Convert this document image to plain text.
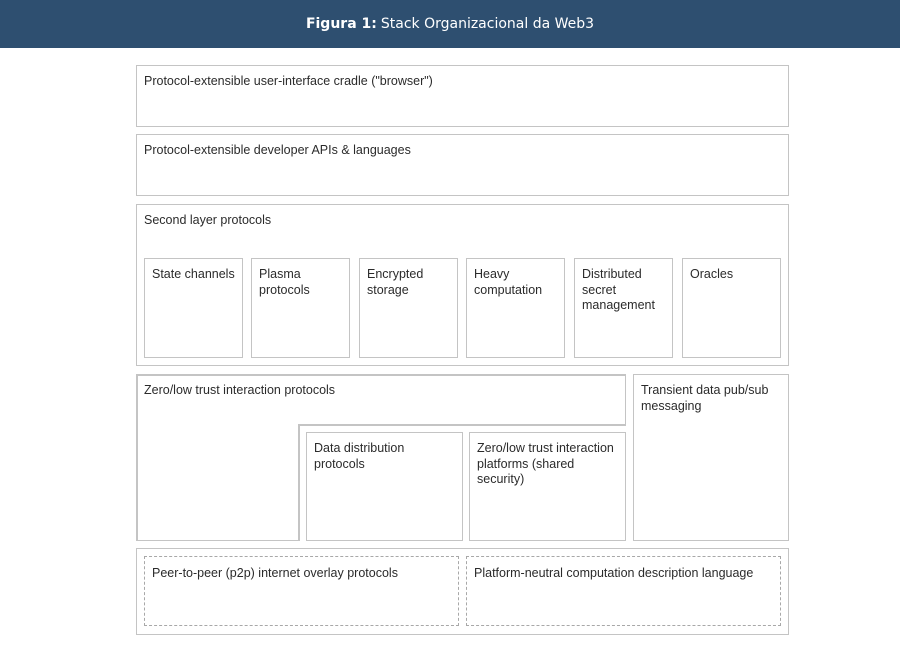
Figura 1: Stack Organizacional da Web3
Protocol-extensible user-interface cradle ("browser")
Protocol-extensible developer APIs & languages
Second layer protocols
State channels Plasma protocols
Encrypted storage
Heavy computation
Distributed secret management
Oracles
Zero/low trust interaction protocols
Data distribution protocols
Zero/low trust interaction platforms (shared security)
Transient data pub/sub messaging
Peer-to-peer (p2p) internet overlay protocols	Platform-neutral computation description language
